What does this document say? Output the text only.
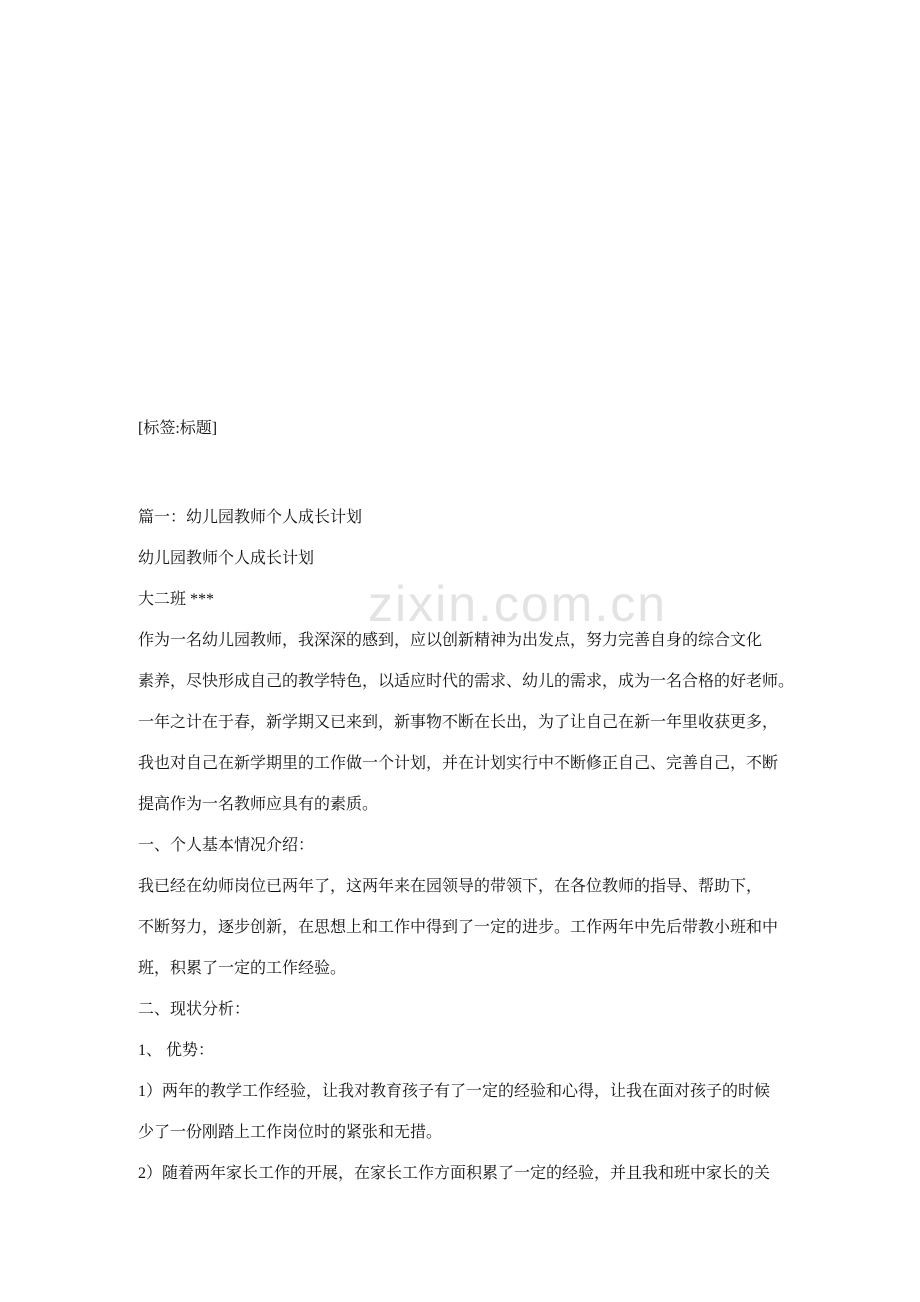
zixin.com.cn
[标签:标题]
篇一：幼儿园教师个人成长计划
幼儿园教师个人成长计划
大二班 ***
作为一名幼儿园教师，我深深的感到，应以创新精神为出发点，努力完善自身的综合文化
素养，尽快形成自己的教学特色，以适应时代的需求、幼儿的需求，成为一名合格的好老师。
一年之计在于春，新学期又已来到，新事物不断在长出，为了让自己在新一年里收获更多，
我也对自己在新学期里的工作做一个计划，并在计划实行中不断修正自己、完善自己，不断
提高作为一名教师应具有的素质。
一、个人基本情况介绍：
我已经在幼师岗位已两年了，这两年来在园领导的带领下，在各位教师的指导、帮助下，
不断努力，逐步创新，在思想上和工作中得到了一定的进步。工作两年中先后带教小班和中
班，积累了一定的工作经验。
二、现状分析：
1、 优势：
1）两年的教学工作经验，让我对教育孩子有了一定的经验和心得，让我在面对孩子的时候
少了一份刚踏上工作岗位时的紧张和无措。
2）随着两年家长工作的开展，在家长工作方面积累了一定的经验，并且我和班中家长的关
